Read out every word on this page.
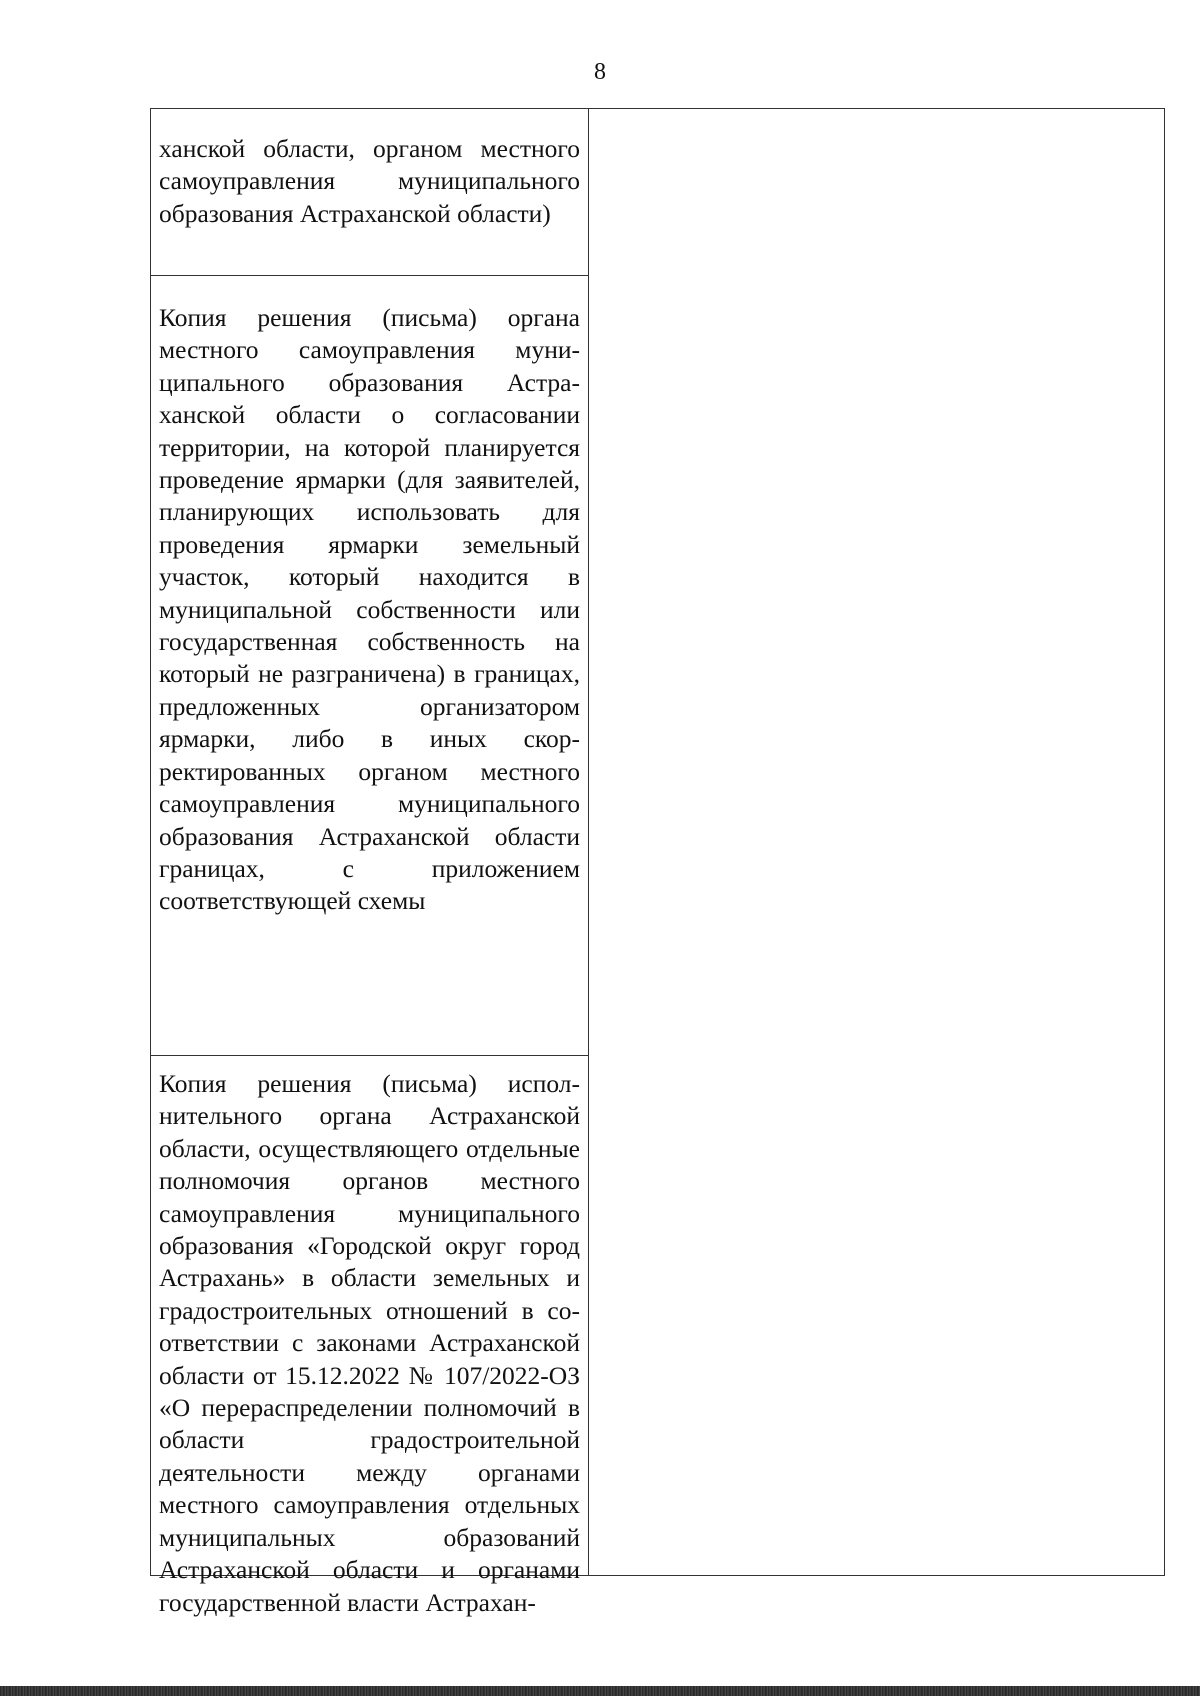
8
ханской области, органом местного самоуправления муниципального образования Астраханской области)
Копия решения (письма) органа местного самоуправления муниципального образования Астраханской области о согласовании территории, на которой планируется проведение ярмарки (для заявителей, планирующих использовать для проведения ярмарки земельный участок, который находится в муниципальной собственности или государственная собственность на который не разграничена) в границах, предложенных организатором ярмарки, либо в иных скорректированных органом местного самоуправления муниципального образования Астраханской области границах, с приложением соответствующей схемы
Копия решения (письма) исполнительного органа Астраханской области, осуществляющего отдельные полномочия органов местного самоуправления муниципального образования «Городской округ город Астрахань» в области земельных и градостроительных отношений в соответствии с законами Астраханской области от 15.12.2022 № 107/2022-ОЗ «О перераспределении полномочий в области градостроительной деятельности между органами местного самоуправления отдельных муниципальных образований Астраханской области и органами государственной власти Астрахан-
